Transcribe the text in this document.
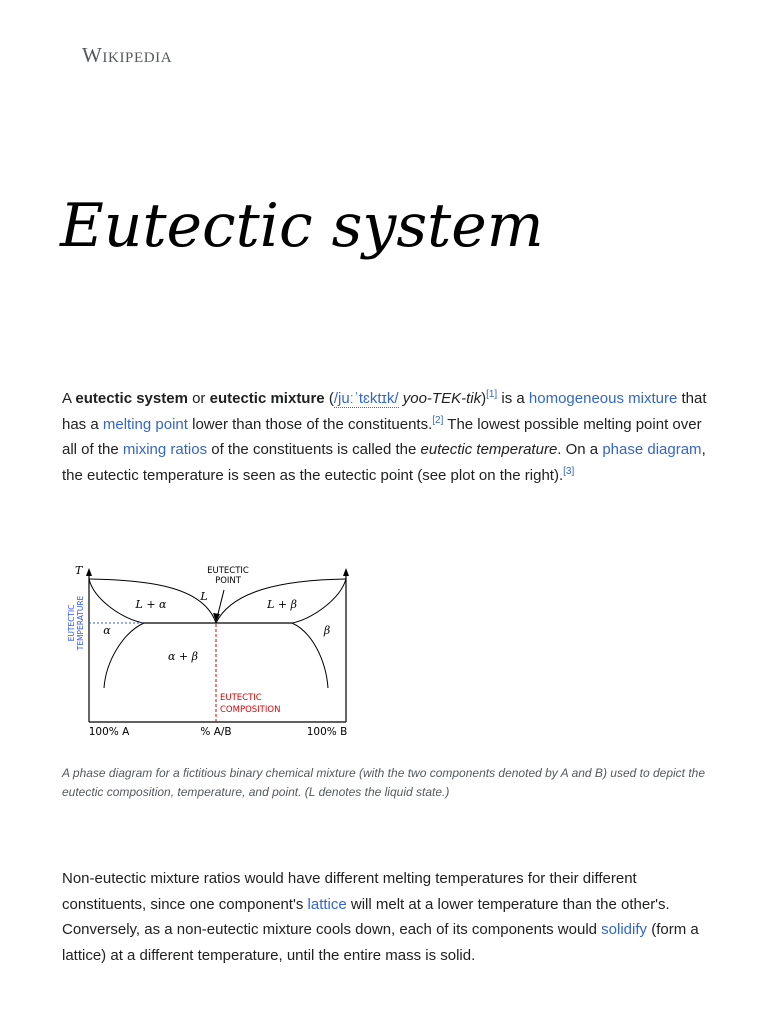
Wikipedia
Eutectic system

A eutectic system or eutectic mixture (/juːˈtɛktɪk/ yoo-TEK-tik)[1] is a homogeneous mixture that has a melting point lower than those of the constituents.[2] The lowest possible melting point over all of the mixing ratios of the constituents is called the eutectic temperature. On a phase diagram, the eutectic temperature is seen as the eutectic point (see plot on the right).[3]

T	EUTECTIC
POINT
EUTECTIC TEMPERATURE	L + α
L
L + β
α	β
α + β
EUTECTIC
COMPOSITION
100% A	% A/B	100% B

A phase diagram for a fictitious binary chemical mixture (with the two components denoted by A and B) used to depict the eutectic composition, temperature, and point. (L denotes the liquid state.)

Non-eutectic mixture ratios would have different melting temperatures for their different constituents, since one component's lattice will melt at a lower temperature than the other's. Conversely, as a non-eutectic mixture cools down, each of its components would solidify (form a lattice) at a different temperature, until the entire mass is solid.
